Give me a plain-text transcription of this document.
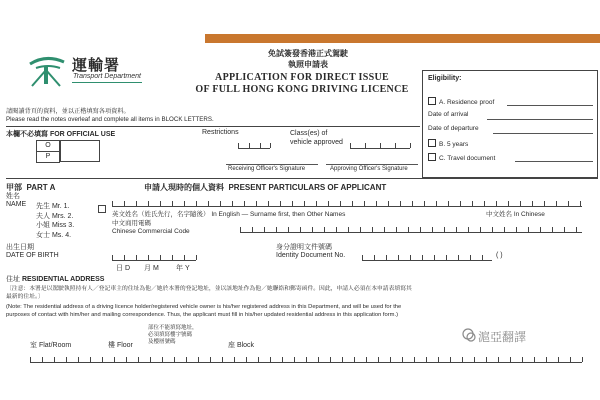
運輸署
Transport Department
免試簽發香港正式駕駛
執照申請表
APPLICATION FOR DIRECT ISSUE
OF FULL HONG KONG DRIVING LICENCE
請閱讀背頁的資料，並以正楷填寫各項資料。
Please read the notes overleaf and complete all items in BLOCK LETTERS.
Eligibility:
A. Residence proof
Date of arrival
Date of departure
B. 5 years
C. Travel document
本欄不必填寫 FOR OFFICIAL USE
O
P
Restrictions	Class(es) of
vehicle approved
Receiving Officer's Signature	Approving Officer's Signature
甲部 PART A	申請人現時的個人資料 PRESENT PARTICULARS OF APPLICANT
姓名
NAME 先生 Mr. 1.
夫人 Mrs. 2.
小姐 Miss 3.
女士 Ms. 4.
英文姓名（姓氏先行，名字隨後） In English — Surname first, then Other Names	中文姓名 In Chinese
中文商用電碼
Chinese Commercial Code
出生日期
DATE OF BIRTH
日 D 月 M 年 Y
身分證明文件號碼
Identity Document No.	( )
住址 RESIDENTIAL ADDRESS
〔注意：本署是以駕駛執照持有人／登記車主的住址為他／她於本署的登記地址，並以該地址作為他／她聯絡和郵寄函件。因此，申請人必須在本申請表填寫其
最新的住址。〕
(Note: The residential address of a driving licence holder/registered vehicle owner is his/her registered address in this Department, and will be used for the
purposes of contact with him/her and mailing correspondence. Thus, the applicant must fill in his/her updated residential address in this application form.)
室 Flat/Room	樓 Floor
部位不能填寫地址，
必須填寫樓宇號碼
及樓層號碼	座 Block
滬亞翻譯
